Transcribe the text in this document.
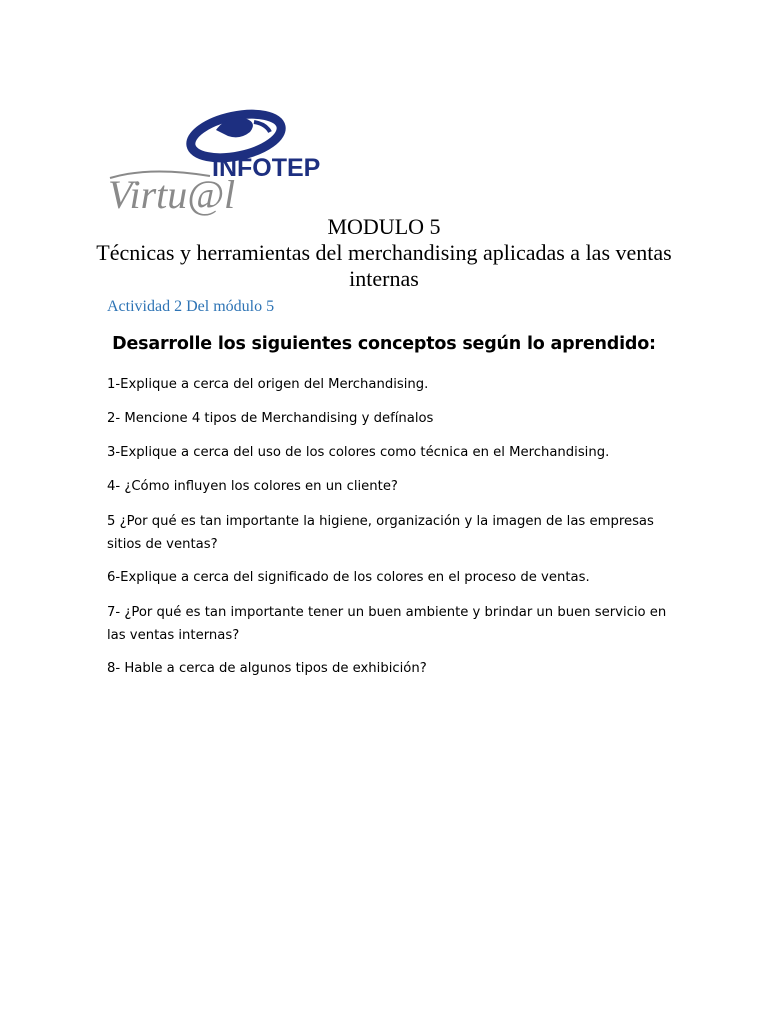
INFOTEP
Virtu@l
MODULO 5
Técnicas y herramientas del merchandising aplicadas a las ventas internas
Actividad 2 Del módulo 5
Desarrolle los siguientes conceptos según lo aprendido:
1-Explique a cerca del origen del Merchandising.
2- Mencione 4 tipos de Merchandising y defínalos
3-Explique a cerca del uso de los colores como técnica en el Merchandising.
4- ¿Cómo influyen los colores en un cliente?
5 ¿Por qué es tan importante la higiene, organización y la imagen de las empresas sitios de ventas?
6-Explique a cerca del significado de los colores en el proceso de ventas.
7- ¿Por qué es tan importante tener un buen ambiente y brindar un buen servicio en las ventas internas?
8- Hable a cerca de algunos tipos de exhibición?
